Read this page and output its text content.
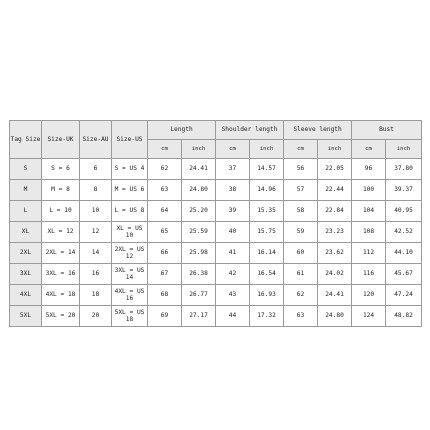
Tag Size	Size-UK	Size-AU	Size-US	Length		Shoulder length		Sleeve length		Bust	
				cm	inch	cm	inch	cm	inch	cm	inch
S	S = 6	6	S = US 4	62	24.41	37	14.57	56	22.05	96	37.80
M	M = 8	8	M = US 6	63	24.80	38	14.96	57	22.44	100	39.37
L	L = 10	10	L = US 8	64	25.20	39	15.35	58	22.84	104	40.95
XL	XL = 12	12	XL = US 10	65	25.59	40	15.75	59	23.23	108	42.52
2XL	2XL = 14	14	2XL = US 12	66	25.98	41	16.14	60	23.62	112	44.10
3XL	3XL = 16	16	3XL = US 14	67	26.38	42	16.54	61	24.02	116	45.67
4XL	4XL = 18	18	4XL = US 16	68	26.77	43	16.93	62	24.41	120	47.24
5XL	5XL = 20	20	5XL = US 18	69	27.17	44	17.32	63	24.80	124	48.82
